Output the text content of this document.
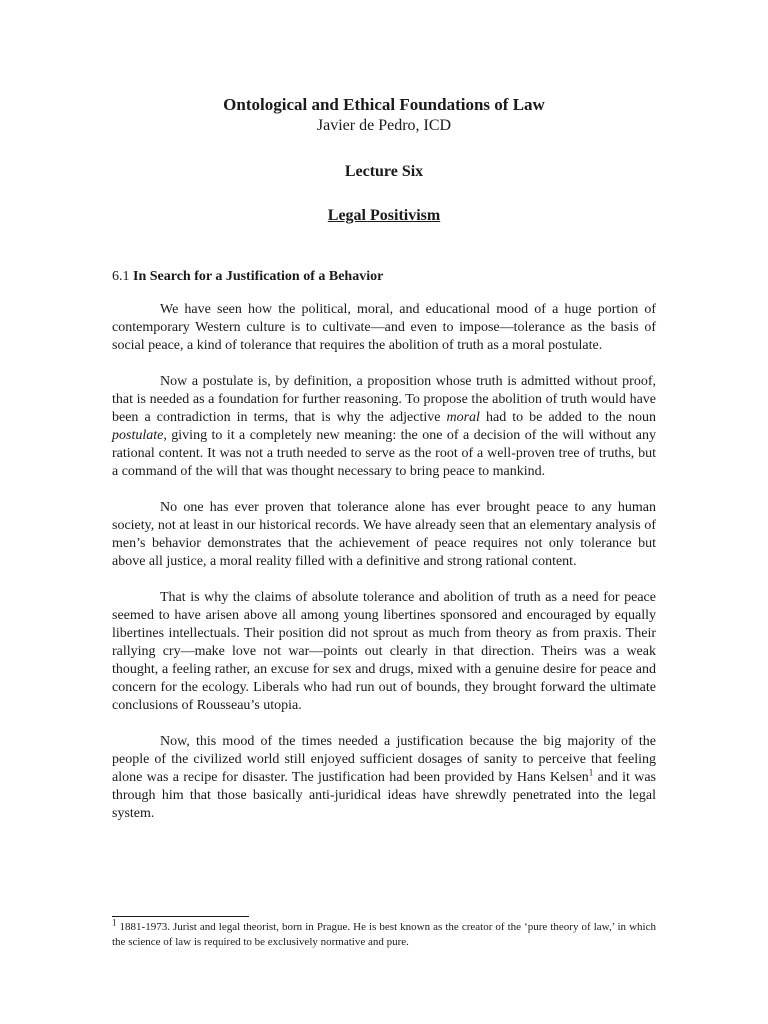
Ontological and Ethical Foundations of Law

Javier de Pedro, ICD

Lecture Six

Legal Positivism

6.1 In Search for a Justification of a Behavior

We have seen how the political, moral, and educational mood of a huge portion of contemporary Western culture is to cultivate—and even to impose—tolerance as the basis of social peace, a kind of tolerance that requires the abolition of truth as a moral postulate.

Now a postulate is, by definition, a proposition whose truth is admitted without proof, that is needed as a foundation for further reasoning. To propose the abolition of truth would have been a contradiction in terms, that is why the adjective moral had to be added to the noun postulate, giving to it a completely new meaning: the one of a decision of the will without any rational content. It was not a truth needed to serve as the root of a well-proven tree of truths, but a command of the will that was thought necessary to bring peace to mankind.

No one has ever proven that tolerance alone has ever brought peace to any human society, not at least in our historical records. We have already seen that an elementary analysis of men’s behavior demonstrates that the achievement of peace requires not only tolerance but above all justice, a moral reality filled with a definitive and strong rational content.

That is why the claims of absolute tolerance and abolition of truth as a need for peace seemed to have arisen above all among young libertines sponsored and encouraged by equally libertines intellectuals. Their position did not sprout as much from theory as from praxis. Their rallying cry—make love not war—points out clearly in that direction. Theirs was a weak thought, a feeling rather, an excuse for sex and drugs, mixed with a genuine desire for peace and concern for the ecology. Liberals who had run out of bounds, they brought forward the ultimate conclusions of Rousseau’s utopia.

Now, this mood of the times needed a justification because the big majority of the people of the civilized world still enjoyed sufficient dosages of sanity to perceive that feeling alone was a recipe for disaster. The justification had been provided by Hans Kelsen$^1$ and it was through him that those basically anti-juridical ideas have shrewdly penetrated into the legal system.

$^1$ 1881-1973. Jurist and legal theorist, born in Prague. He is best known as the creator of the ‘pure theory of law,’ in which the science of law is required to be exclusively normative and pure.
